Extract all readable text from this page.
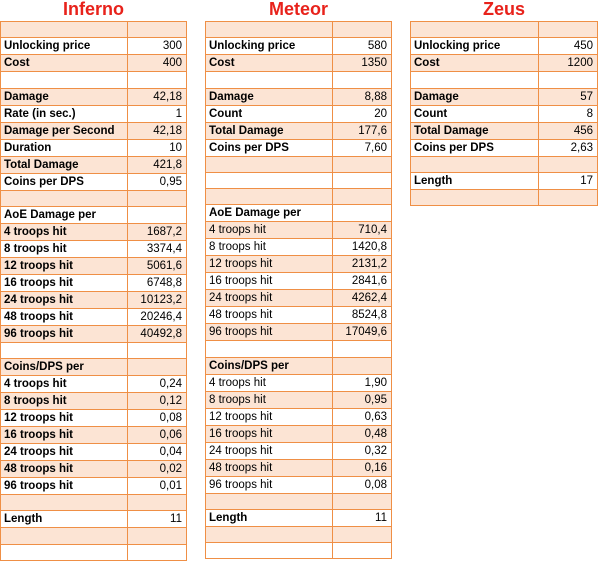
Inferno

Unlocking price	300
Cost	400

Damage	42,18
Rate (in sec.)	1
Damage per Second	42,18
Duration	10
Total Damage	421,8
Coins per DPS	0,95

AoE Damage per	
4 troops hit	1687,2
8 troops hit	3374,4
12 troops hit	5061,6
16 troops hit	6748,8
24 troops hit	10123,2
48 troops hit	20246,4
96 troops hit	40492,8

Coins/DPS per	
4 troops hit	0,24
8 troops hit	0,12
12 troops hit	0,08
16 troops hit	0,06
24 troops hit	0,04
48 troops hit	0,02
96 troops hit	0,01

Length	11

Meteor

Unlocking price	580
Cost	1350

Damage	8,88
Count	20
Total Damage	177,6
Coins per DPS	7,60

AoE Damage per	
4 troops hit	710,4
8 troops hit	1420,8
12 troops hit	2131,2
16 troops hit	2841,6
24 troops hit	4262,4
48 troops hit	8524,8
96 troops hit	17049,6

Coins/DPS per	
4 troops hit	1,90
8 troops hit	0,95
12 troops hit	0,63
16 troops hit	0,48
24 troops hit	0,32
48 troops hit	0,16
96 troops hit	0,08

Length	11

Zeus

Unlocking price	450
Cost	1200

Damage	57
Count	8
Total Damage	456
Coins per DPS	2,63

Length	17
